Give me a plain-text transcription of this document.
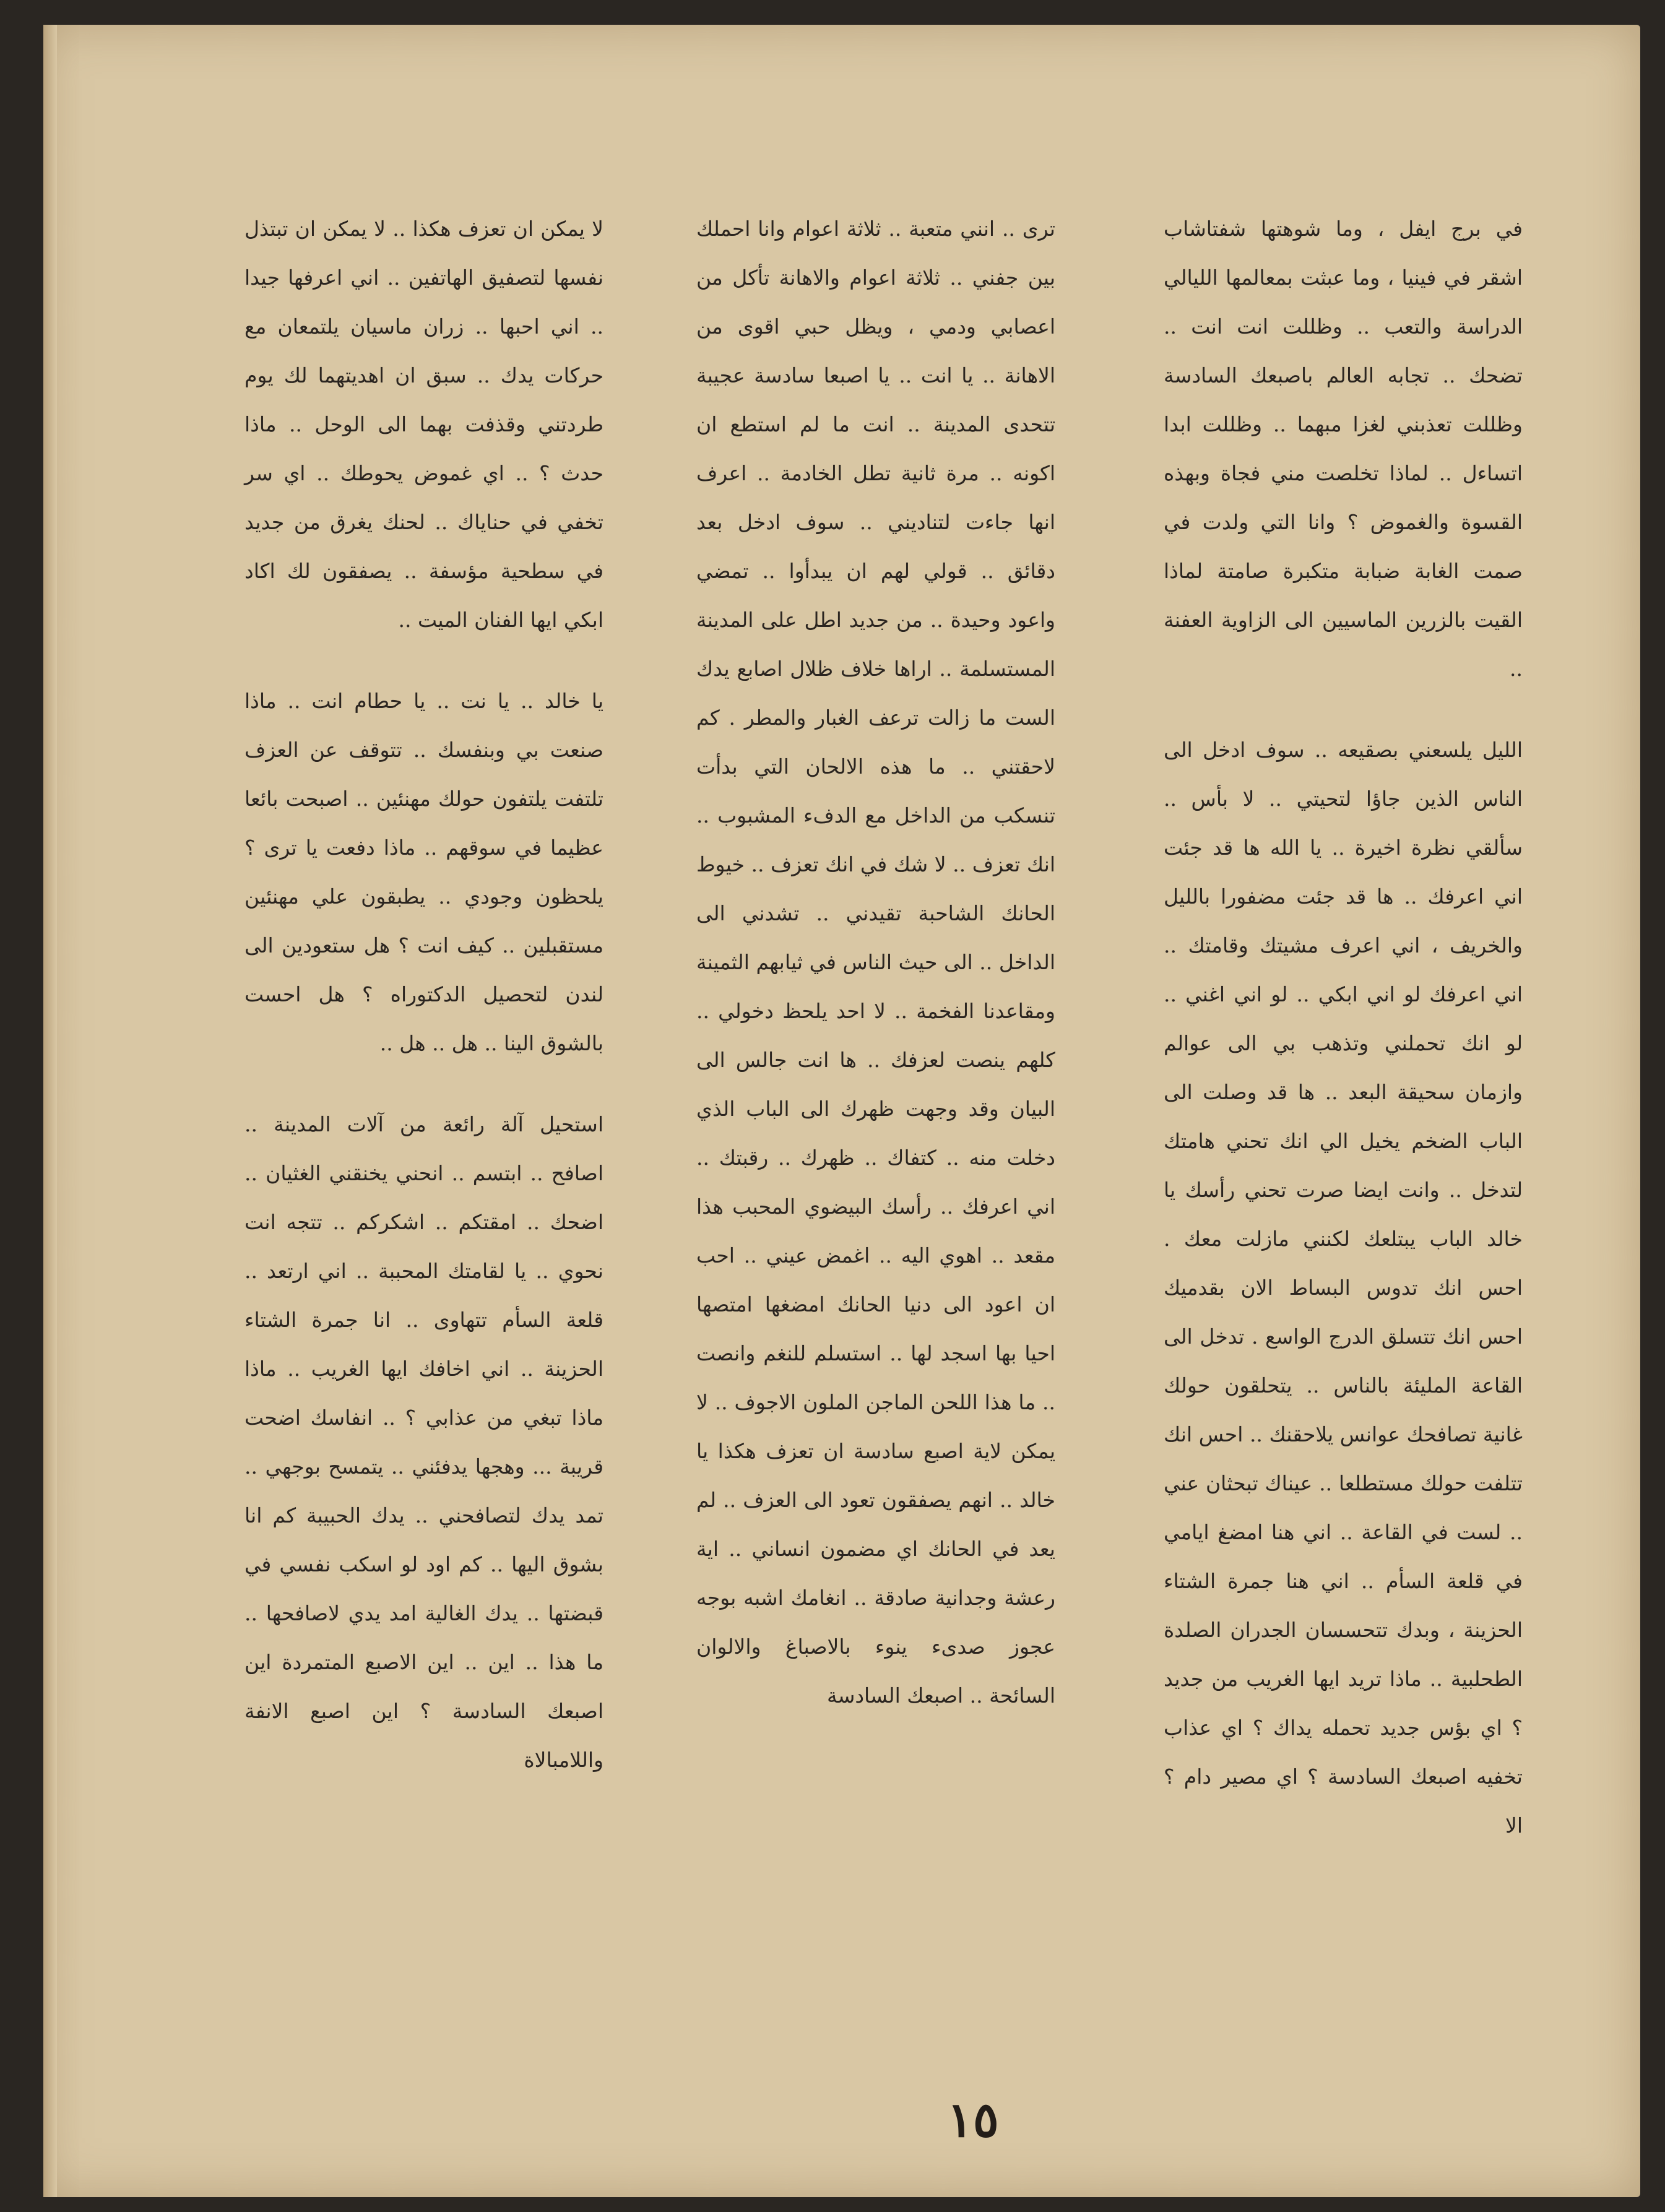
في برج ايفل ، وما شوهتها شفتاشاب اشقر في فينيا ، وما عبثت بمعالمها الليالي الدراسة والتعب .. وظللت انت انت .. تضحك .. تجابه العالم باصبعك السادسة وظللت تعذبني لغزا مبهما .. وظللت ابدا اتساءل .. لماذا تخلصت مني فجاة وبهذه القسوة والغموض ؟ وانا التي ولدت في صمت الغابة ضبابة متكبرة صامتة لماذا القيت بالزرين الماسيين الى الزاوية العفنة ..

الليل يلسعني بصقيعه .. سوف ادخل الى الناس الذين جاؤا لتحيتي .. لا بأس .. سألقي نظرة اخيرة .. يا الله ها قد جئت اني اعرفك .. ها قد جئت مضفورا بالليل والخريف ، اني اعرف مشيتك وقامتك .. اني اعرفك لو اني ابكي .. لو اني اغني .. لو انك تحملني وتذهب بي الى عوالم وازمان سحيقة البعد .. ها قد وصلت الى الباب الضخم يخيل الي انك تحني هامتك لتدخل .. وانت ايضا صرت تحني رأسك يا خالد الباب يبتلعك لكنني مازلت معك . احس انك تدوس البساط الان بقدميك احس انك تتسلق الدرج الواسع . تدخل الى القاعة المليئة بالناس .. يتحلقون حولك غانية تصافحك عوانس يلاحقنك .. احس انك تتلفت حولك مستطلعا .. عيناك تبحثان عني .. لست في القاعة .. اني هنا امضغ ايامي في قلعة السأم .. اني هنا جمرة الشتاء الحزينة ، وبدك تتحسسان الجدران الصلدة الطحلبية .. ماذا تريد ايها الغريب من جديد ؟ اي بؤس جديد تحمله يداك ؟ اي عذاب تخفيه اصبعك السادسة ؟ اي مصير دام ؟ الا

ترى .. انني متعبة .. ثلاثة اعوام وانا احملك بين جفني .. ثلاثة اعوام والاهانة تأكل من اعصابي ودمي ، ويظل حبي اقوى من الاهانة .. يا انت .. يا اصبعا سادسة عجيبة تتحدى المدينة .. انت ما لم استطع ان اكونه .. مرة ثانية تطل الخادمة .. اعرف انها جاءت لتناديني .. سوف ادخل بعد دقائق .. قولي لهم ان يبدأوا .. تمضي واعود وحيدة .. من جديد اطل على المدينة المستسلمة .. اراها خلاف ظلال اصابع يدك الست ما زالت ترعف الغبار والمطر . كم لاحقتني .. ما هذه الالحان التي بدأت تنسكب من الداخل مع الدفء المشبوب .. انك تعزف .. لا شك في انك تعزف .. خيوط الحانك الشاحبة تقيدني .. تشدني الى الداخل .. الى حيث الناس في ثيابهم الثمينة ومقاعدنا الفخمة .. لا احد يلحظ دخولي .. كلهم ينصت لعزفك .. ها انت جالس الى البيان وقد وجهت ظهرك الى الباب الذي دخلت منه .. كتفاك .. ظهرك .. رقبتك .. اني اعرفك .. رأسك البيضوي المحبب هذا مقعد .. اهوي اليه .. اغمض عيني .. احب ان اعود الى دنيا الحانك امضغها امتصها احيا بها اسجد لها .. استسلم للنغم وانصت .. ما هذا اللحن الماجن الملون الاجوف .. لا يمكن لاية اصبع سادسة ان تعزف هكذا يا خالد .. انهم يصفقون تعود الى العزف .. لم يعد في الحانك اي مضمون انساني .. اية رعشة وجدانية صادقة .. انغامك اشبه بوجه عجوز صدىء ينوء بالاصباغ والالوان السائحة .. اصبعك السادسة

لا يمكن ان تعزف هكذا .. لا يمكن ان تبتذل نفسها لتصفيق الهاتفين .. اني اعرفها جيدا .. اني احبها .. زران ماسيان يلتمعان مع حركات يدك .. سبق ان اهديتهما لك يوم طردتني وقذفت بهما الى الوحل .. ماذا حدث ؟ .. اي غموض يحوطك .. اي سر تخفي في حناياك .. لحنك يغرق من جديد في سطحية مؤسفة .. يصفقون لك اكاد ابكي ايها الفنان الميت ..

يا خالد .. يا نت .. يا حطام انت .. ماذا صنعت بي وبنفسك .. تتوقف عن العزف تلتفت يلتفون حولك مهنئين .. اصبحت بائعا عظيما في سوقهم .. ماذا دفعت يا ترى ؟ يلحظون وجودي .. يطبقون علي مهنئين مستقبلين .. كيف انت ؟ هل ستعودين الى لندن لتحصيل الدكتوراه ؟ هل احست بالشوق الينا .. هل .. هل ..

استحيل آلة رائعة من آلات المدينة .. اصافح .. ابتسم .. انحني يخنقني الغثيان .. اضحك .. امقتكم .. اشكركم .. تتجه انت نحوي .. يا لقامتك المحببة .. اني ارتعد .. قلعة السأم تتهاوى .. انا جمرة الشتاء الحزينة .. اني اخافك ايها الغريب .. ماذا ماذا تبغي من عذابي ؟ .. انفاسك اضحت قريبة ... وهجها يدفئني .. يتمسح بوجهي .. تمد يدك لتصافحني .. يدك الحبيبة كم انا بشوق اليها .. كم اود لو اسكب نفسي في قبضتها .. يدك الغالية امد يدي لاصافحها .. ما هذا .. اين .. اين الاصبع المتمردة اين اصبعك السادسة ؟ اين اصبع الانفة واللامبالاة

١٥
